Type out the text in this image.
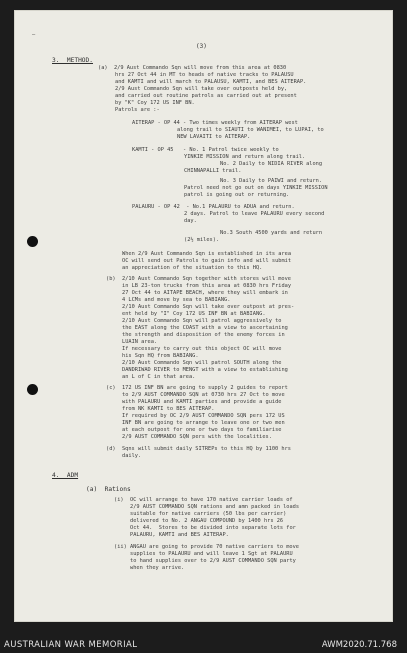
—
(3)
3.  METHOD.
(a)  2/9 Aust Commando Sqn will move from this area at 0830
hrs 27 Oct 44 in MT to heads of native tracks to PALAUSU
and KAMTI and will march to PALAUSU, KAMTI, and BES AITERAP.
2/9 Aust Commando Sqn will take over outposts held by,
and carried out routine patrols as carried out at present
by "K" Coy 172 US INF BN.
Patrols are :-
AITERAP - OP 44 - Two times weekly from AITERAP west
along trail to SIAUTI to WANIMEI, to LUPAI, to
NEW LAVAITI to AITERAP.
KAMTI - OP 45   - No. 1 Patrol twice weekly to
YINKIE MISSION and return along trail.
No. 2 Daily to NIDIA RIVER along
CHINNAPALLI trail.
No. 3 Daily to PAIWI and return.
Patrol need not go out on days YINKIE MISSION
patrol is going out or returning.
PALAURU - OP 42  - No.1 PALAURU to ADUA and return.
2 days. Patrol to leave PALAURU every second
day.
No.3 South 4500 yards and return
(2½ miles).
When 2/9 Aust Commando Sqn is established in its area
OC will send out Patrols to gain info and will submit
an appreciation of the situation to this HQ.
(b)  2/10 Aust Commando Sqn together with stores will move
in LB 23-ton trucks from this area at 0830 hrs Friday
27 Oct 44 to AITAPE BEACH, where they will embark in
4 LCMs and move by sea to BABIANG.
2/10 Aust Commando Sqn will take over outpost at pres-
ent held by "I" Coy 172 US INF BN at BABIANG.
2/10 Aust Commando Sqn will patrol aggressively to
the EAST along the COAST with a view to ascertaining
the strength and disposition of the enemy forces in
LUAIN area.
If necessary to carry out this object OC will move
his Sqn HQ from BABIANG.
2/10 Aust Commando Sqn will patrol SOUTH along the
DANDRIWAD RIVER to MENGT with a view to establishing
an L of C in that area.
(c)  172 US INF BN are going to supply 2 guides to report
to 2/9 AUST COMMANDO SQN at 0730 hrs 27 Oct to move
with PALAURU and KAMTI parties and provide a guide
from NK KAMTI to BES AITERAP.
If required by OC 2/9 AUST COMMANDO SQN pers 172 US
INF BN are going to arrange to leave one or two men
at each outpost for one or two days to familiarise
2/9 AUST COMMANDO SQN pers with the localities.
(d)  Sqns will submit daily SITREPs to this HQ by 1100 hrs
daily.
4.  ADM
(a)  Rations
(i)  OC will arrange to have 170 native carrier loads of
2/9 AUST COMMANDO SQN rations and amn packed in loads
suitable for native carriers (50 lbs per carrier)
delivered to No. 2 ANGAU COMPOUND by 1400 hrs 26
Oct 44.  Stores to be divided into separate lots for
PALAURU, KAMTI and BES AITERAP.
(ii) ANGAU are going to provide 70 native carriers to move
supplies to PALAURU and will leave 1 Sgt at PALAURU
to hand supplies over to 2/9 AUST COMMANDO SQN party
when they arrive.
AUSTRALIAN WAR MEMORIAL	AWM2020.71.768
